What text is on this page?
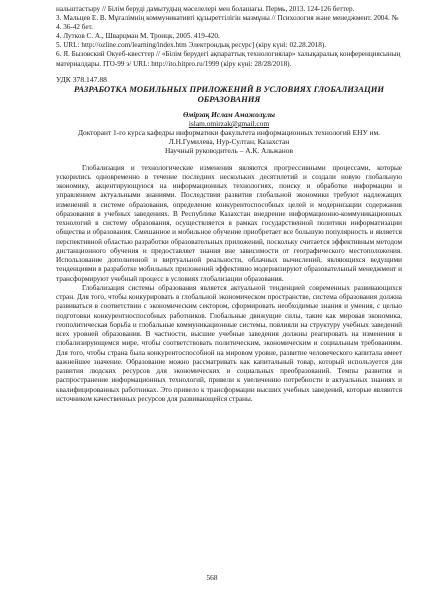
нальштастыру // Білім беруді дамытудың мәселелері мен болашағы. Пермь, 2013. 124-126 беттер.

3. Мальцев Е. В. Мұғалімнің коммуникативті құзыреттілігін мазмұны // Психология және менеджмент. 2004. № 4. 36-42 бет.

4. Лутков С. А., Шварцман М. Троицк, 2005. 419-420.

5. URL: http://ozline.com/learning/index.htm Электрондық ресурс] (кіру күні: 02.28.2018).

6. Я. Бызовский Окуеб-квесттер // «Білім берудегі ақпараттық технологиялар» халықаралық конференциясының материалдары. ITO-99 э/ URL: http://ito.bitpro.ru/1999 (кіру күні: 28/28/2018).

УДК 378.147.88
РАЗРАБОТКА МОБИЛЬНЫХ ПРИЛОЖЕНИЙ В УСЛОВИЯХ ГЛОБАЛИЗАЦИИ ОБРАЗОВАНИЯ
Өмірзақ Ислам Амажолұлы
islam.omirzak@gmail.com
Докторант 1-го курса кафедры информатики факультета информационных технологий ЕНУ им. Л.Н.Гумилева, Нур-Султан, Казахстан
Научный руководитель – А.К. Альжанов

Глобализация и технологические изменения являются прогрессивными процессами, которые ускорились одновременно в течение последних нескольких десятилетий и создали новую глобальную экономику, акцентирующуюся на информационных технологиях, поиску и обработке информации и управлением актуальными знаниями. Последствия развития глобальной экономики требуют надлежащих изменений в системе образования, определение конкурентоспособных целей и модернизации содержания образования в учебных заведениях. В Республике Казахстан внедрение информационно-коммуникационных технологий в систему образования, осуществляется в рамках государственной политики информатизации общества и образования. Смешанное и мобильное обучение приобретает все большую популярность и является перспективной областью разработки образовательных приложений, поскольку считается эффективным методом дистанционного обучения и предоставляет знания вне зависимости от географического местоположения. Использование дополненной и виртуальной реальности, облачных вычислений, являющихся ведущими тенденциями в разработке мобильных приложений эффективно модернизируют образовательный менеджмент и трансформируют учебный процесс в условиях глобализации образования.

Глобализация системы образования является актуальной тенденцией современных развивающихся стран. Для того, чтобы конкурировать в глобальной экономическом пространстве, система образования должна развиваться в соответствии с экономическим сектором, сформировать необходимые знания и умения, с целью подготовки конкурентноспособных работников. Глобальные движущие силы, такие как мировая экономика, геополитическая борьба и глобальные коммуникационные системы, повлияли на структуру учебных заведений всех уровней образования. В частности, высшие учебные заведения должны реагировать на изменения в глобализирующемся мире, чтобы соответствовать политическим, экономическим и социальным требованиям. Для того, чтобы страна была конкурентоспособной на мировом уровне, развитие человеческого капитала имеет важнейшее значение. Образование можно рассматривать как капитальный товар, который используется для развития людских ресурсов для экономических и социальных преобразований. Темпы развития и распространение информационных технологий, привели к увеличению потребности в актуальных знаниях и квалифицированных работниках. Это привело к трансформации высших учебных заведений, которые являются источником качественных ресурсов для развивающейся страны.

568
